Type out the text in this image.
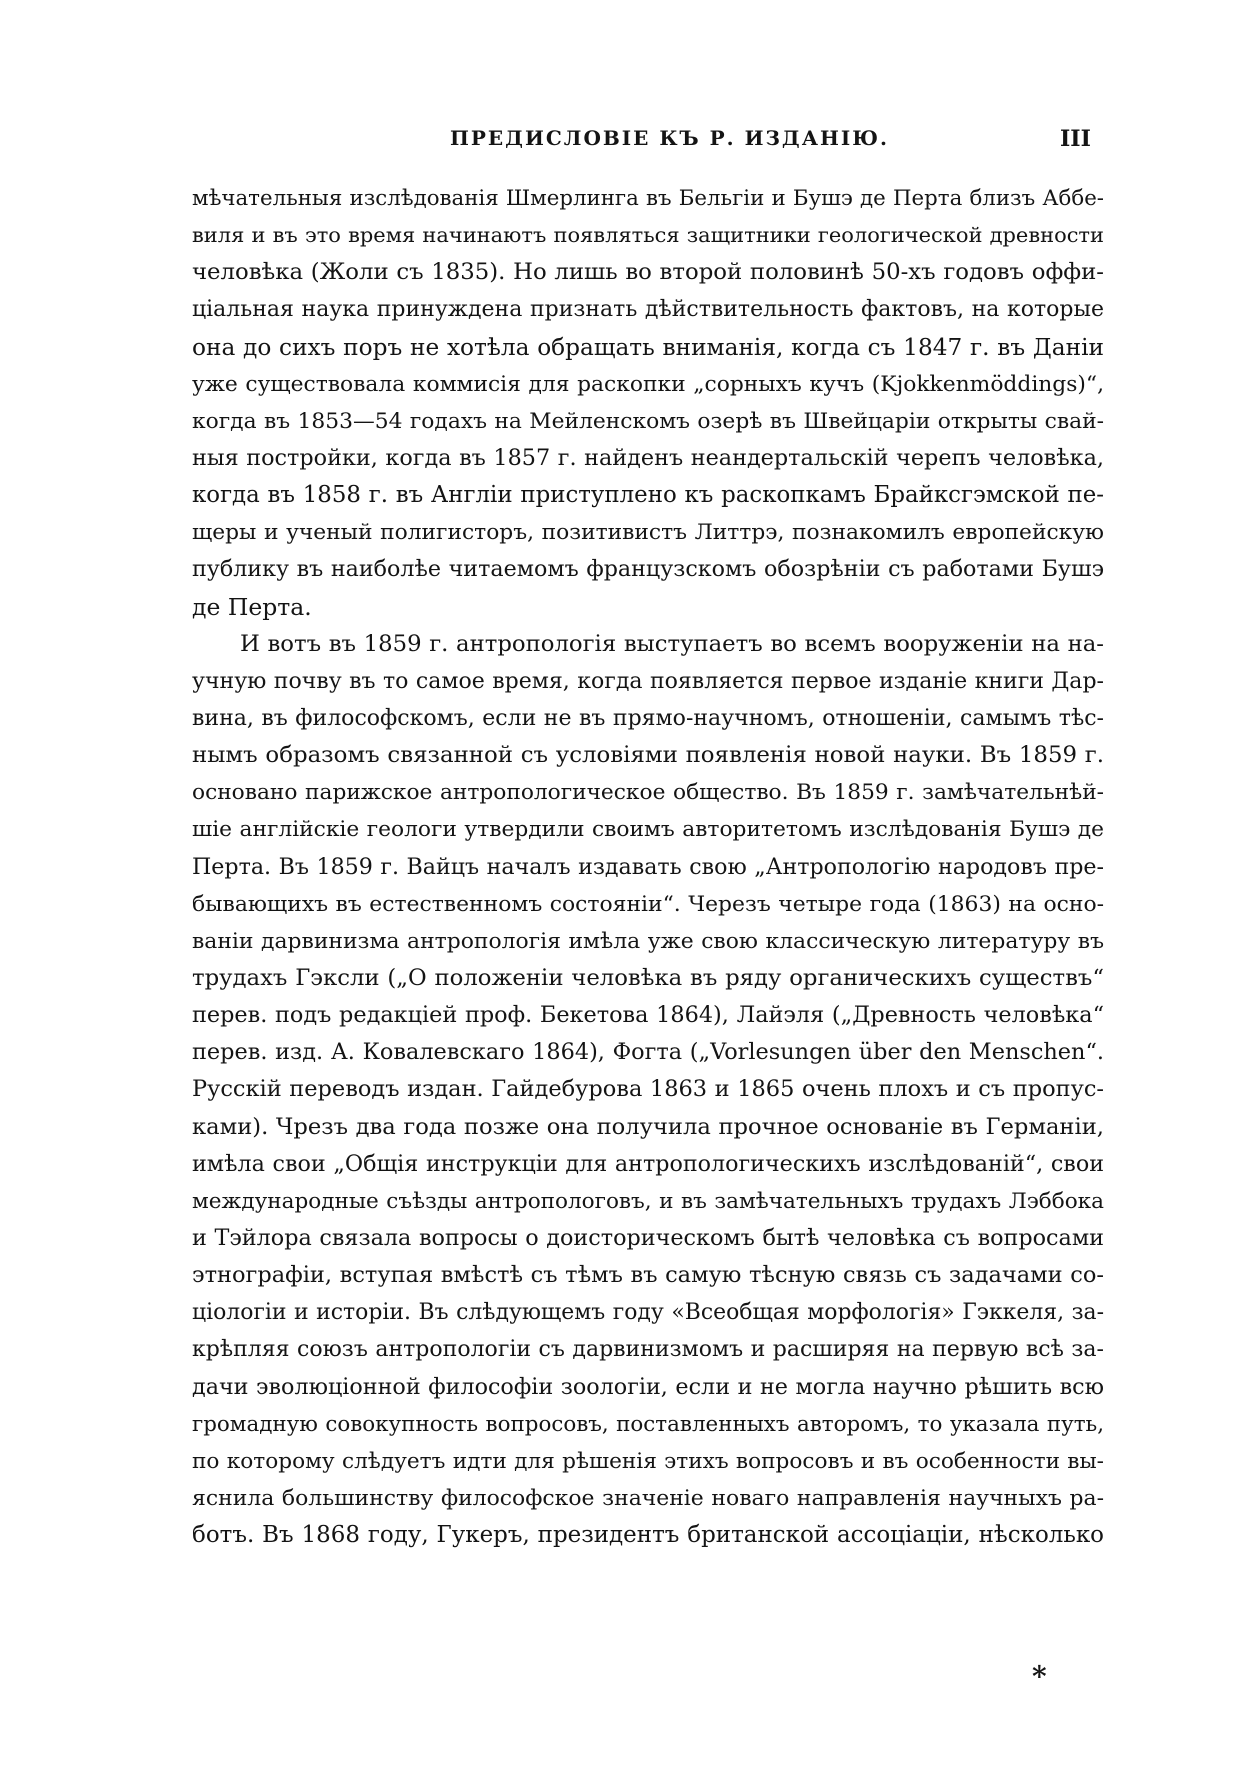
ПРЕДИСЛОВІЕ КЪ Р. ИЗДАНІЮ.	III
мѣчательныя изслѣдованія Шмерлинга въ Бельгіи и Бушэ де Перта близъ Аббе-
виля и въ это время начинаютъ появляться защитники геологической древности
человѣка (Жоли съ 1835). Но лишь во второй половинѣ 50-хъ годовъ оффи-
ціальная наука принуждена признать дѣйствительность фактовъ, на которые
она до сихъ поръ не хотѣла обращать вниманія, когда съ 1847 г. въ Даніи
уже существовала коммисія для раскопки „сорныхъ кучъ (Kjokkenmöddings)“,
когда въ 1853—54 годахъ на Мейленскомъ озерѣ въ Швейцаріи открыты свай-
ныя постройки, когда въ 1857 г. найденъ неандертальскій черепъ человѣка,
когда въ 1858 г. въ Англіи приступлено къ раскопкамъ Брайксгэмской пе-
щеры и ученый полигисторъ, позитивистъ Литтрэ, познакомилъ европейскую
публику въ наиболѣе читаемомъ французскомъ обозрѣніи съ работами Бушэ
де Перта.
И вотъ въ 1859 г. антропологія выступаетъ во всемъ вооруженіи на на-
учную почву въ то самое время, когда появляется первое изданіе книги Дар-
вина, въ философскомъ, если не въ прямо-научномъ, отношеніи, самымъ тѣс-
нымъ образомъ связанной съ условіями появленія новой науки. Въ 1859 г.
основано парижское антропологическое общество. Въ 1859 г. замѣчательнѣй-
шіе англійскіе геологи утвердили своимъ авторитетомъ изслѣдованія Бушэ де
Перта. Въ 1859 г. Вайцъ началъ издавать свою „Антропологію народовъ пре-
бывающихъ въ естественномъ состояніи“. Черезъ четыре года (1863) на осно-
ваніи дарвинизма антропологія имѣла уже свою классическую литературу въ
трудахъ Гэксли („О положеніи человѣка въ ряду органическихъ существъ“
перев. подъ редакціей проф. Бекетова 1864), Лайэля („Древность человѣка“
перев. изд. А. Ковалевскаго 1864), Фогта („Vorlesungen über den Menschen“.
Русскій переводъ издан. Гайдебурова 1863 и 1865 очень плохъ и съ пропус-
ками). Чрезъ два года позже она получила прочное основаніе въ Германіи,
имѣла свои „Общія инструкціи для антропологическихъ изслѣдованій“, свои
международные съѣзды антропологовъ, и въ замѣчательныхъ трудахъ Лэббока
и Тэйлора связала вопросы о доисторическомъ бытѣ человѣка съ вопросами
этнографіи, вступая вмѣстѣ съ тѣмъ въ самую тѣсную связь съ задачами со-
ціологіи и исторіи. Въ слѣдующемъ году «Всеобщая морфологія» Гэккеля, за-
крѣпляя союзъ антропологіи съ дарвинизмомъ и расширяя на первую всѣ за-
дачи эволюціонной философіи зоологіи, если и не могла научно рѣшить всю
громадную совокупность вопросовъ, поставленныхъ авторомъ, то указала путь,
по которому слѣдуетъ идти для рѣшенія этихъ вопросовъ и въ особенности вы-
яснила большинству философское значеніе новаго направленія научныхъ ра-
ботъ. Въ 1868 году, Гукеръ, президентъ британской ассоціаціи, нѣсколько
*
